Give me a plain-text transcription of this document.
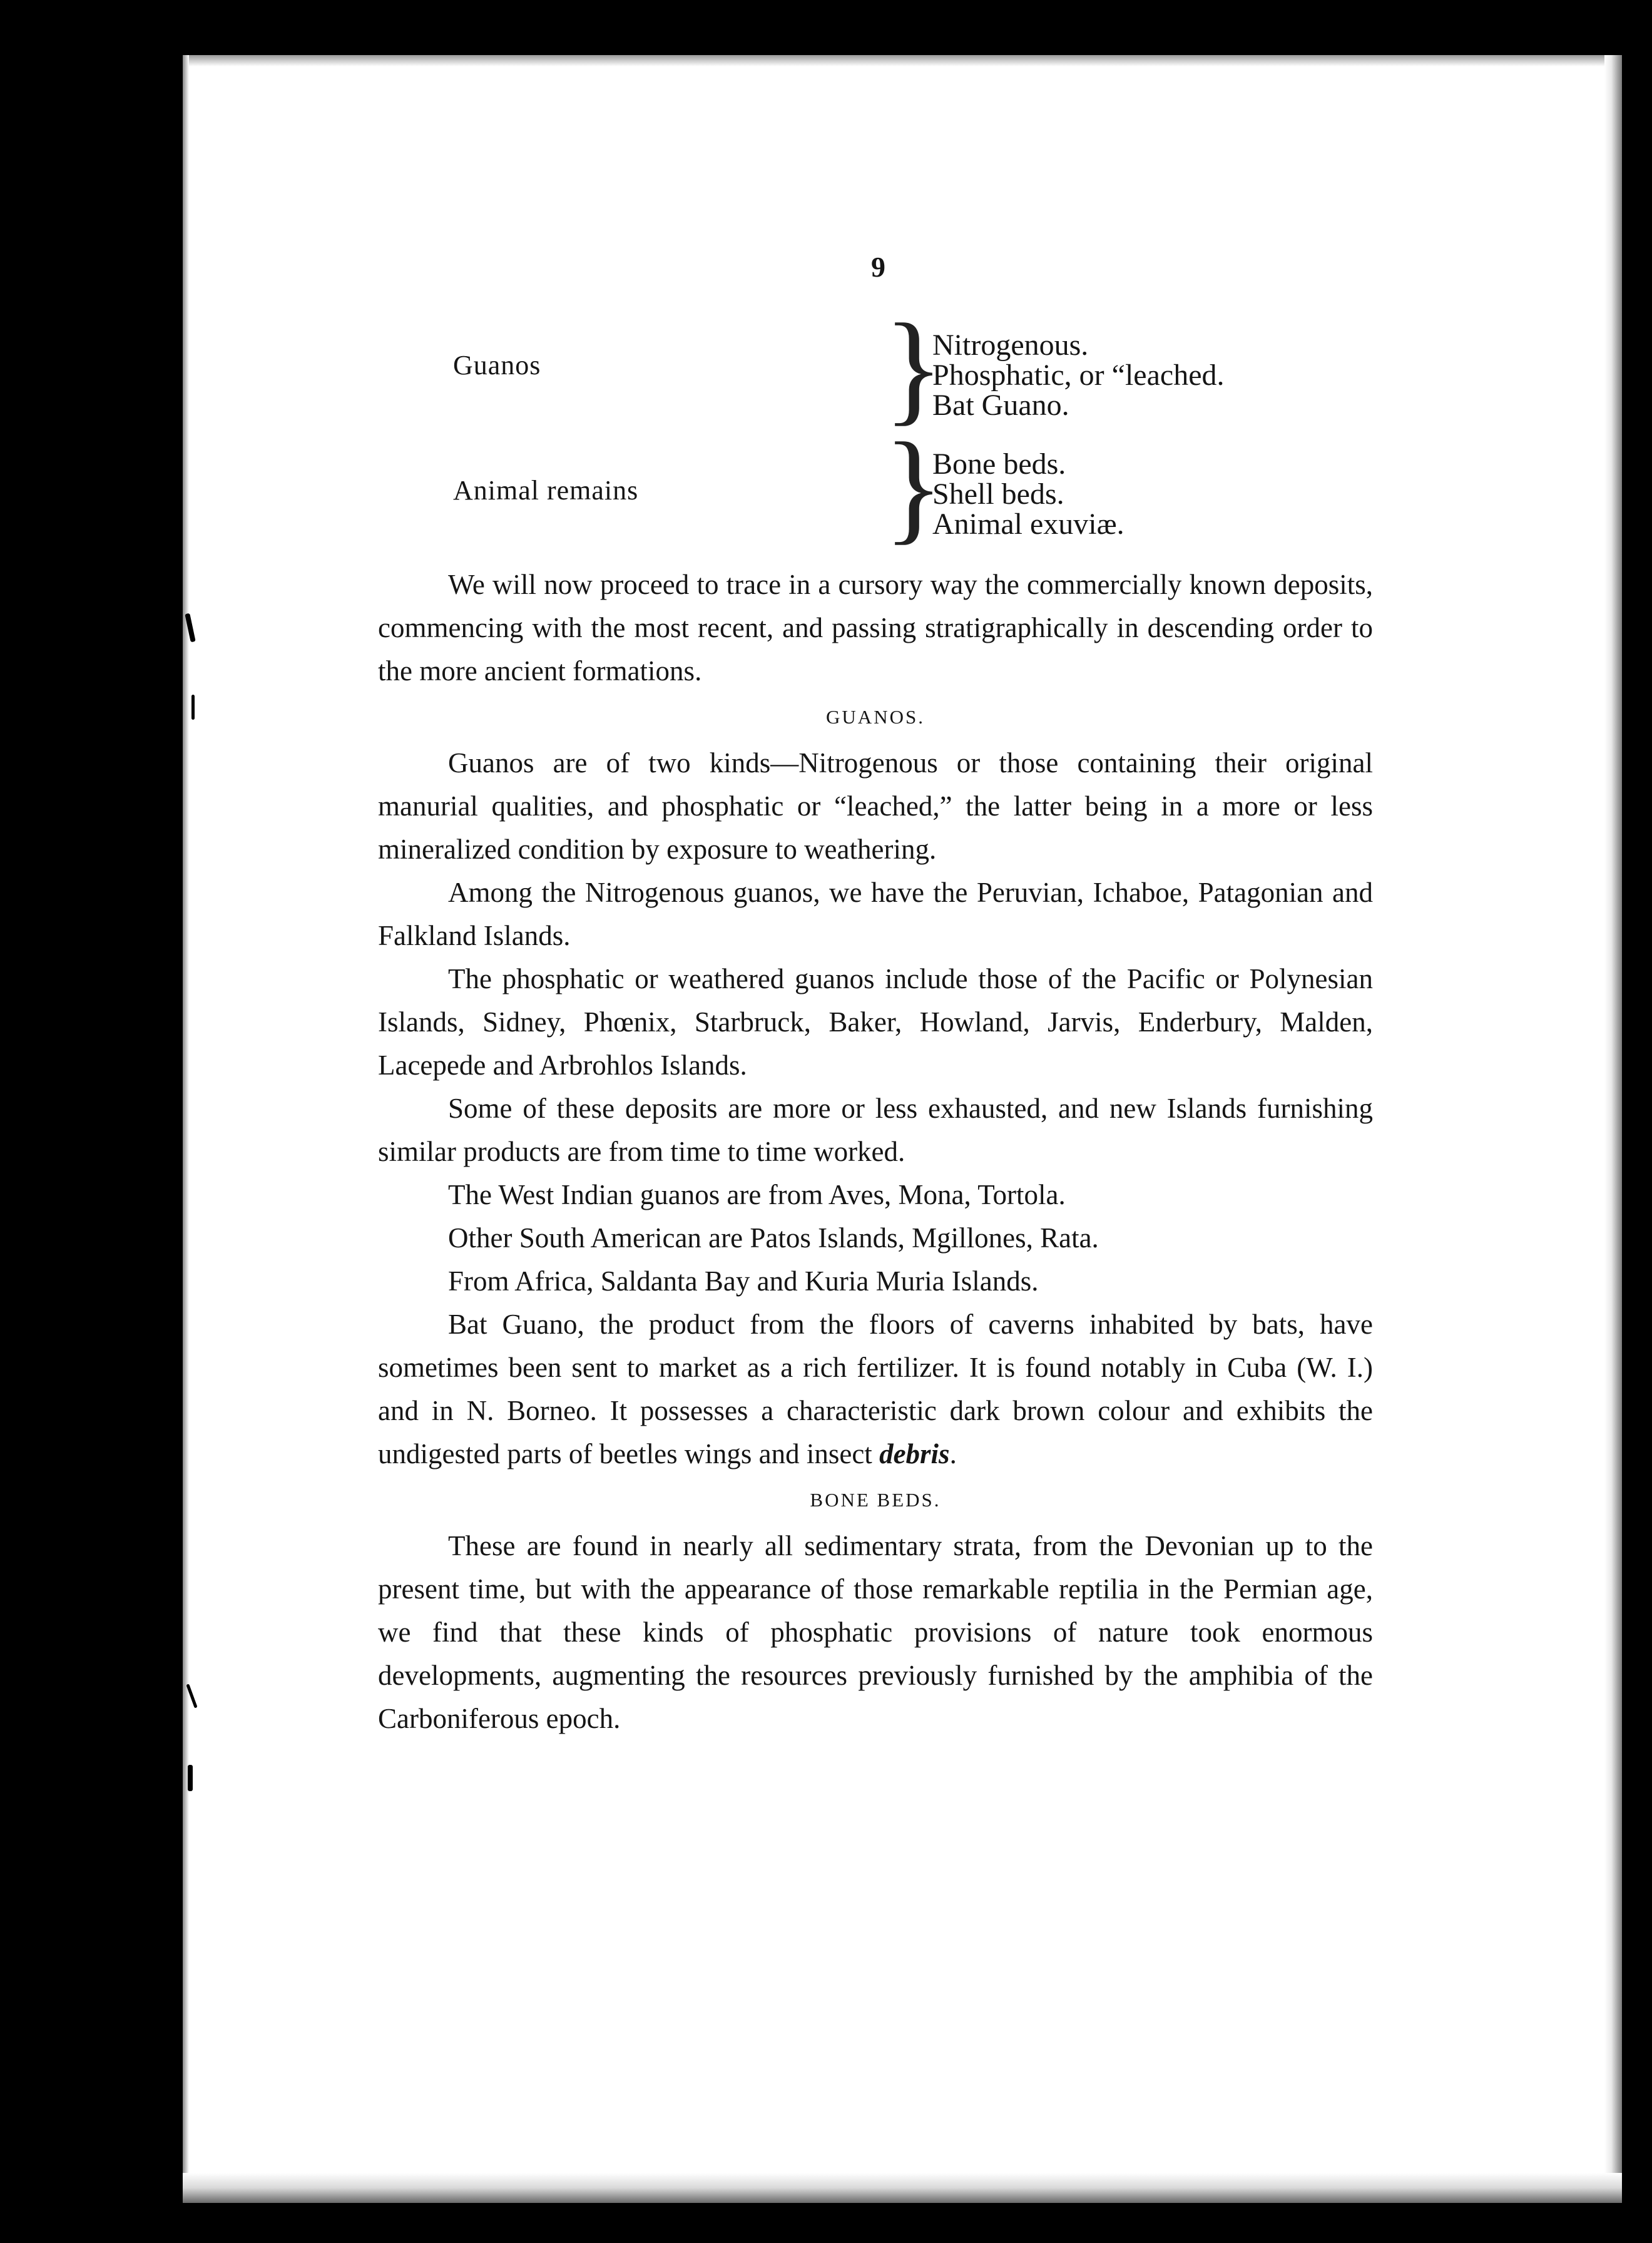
9
Guanos	}
Nitrogenous.
Phosphatic, or “leached.
Bat Guano.
Animal remains }
Bone beds.
Shell beds.
Animal exuviæ.

We will now proceed to trace in a cursory way the commercially known deposits, commencing with the most recent, and passing stratigraphically in descending order to the more ancient formations.

GUANOS.

Guanos are of two kinds—Nitrogenous or those containing their original manurial qualities, and phosphatic or “leached,” the latter being in a more or less mineralized condition by exposure to weathering.

Among the Nitrogenous guanos, we have the Peruvian, Ichaboe, Patagonian and Falkland Islands.

The phosphatic or weathered guanos include those of the Pacific or Polynesian Islands, Sidney, Phœnix, Starbruck, Baker, Howland, Jarvis, Enderbury, Malden, Lacepede and Arbrohlos Islands.

Some of these deposits are more or less exhausted, and new Islands furnishing similar products are from time to time worked.

The West Indian guanos are from Aves, Mona, Tortola.

Other South American are Patos Islands, Mgillones, Rata.

From Africa, Saldanta Bay and Kuria Muria Islands.

Bat Guano, the product from the floors of caverns inhabited by bats, have sometimes been sent to market as a rich fertilizer. It is found notably in Cuba (W. I.) and in N. Borneo. It possesses a characteristic dark brown colour and exhibits the undigested parts of beetles wings and insect debris.

BONE BEDS.

These are found in nearly all sedimentary strata, from the Devonian up to the present time, but with the appearance of those remarkable reptilia in the Permian age, we find that these kinds of phosphatic provisions of nature took enormous developments, augmenting the resources previously furnished by the amphibia of the Carboniferous epoch.
